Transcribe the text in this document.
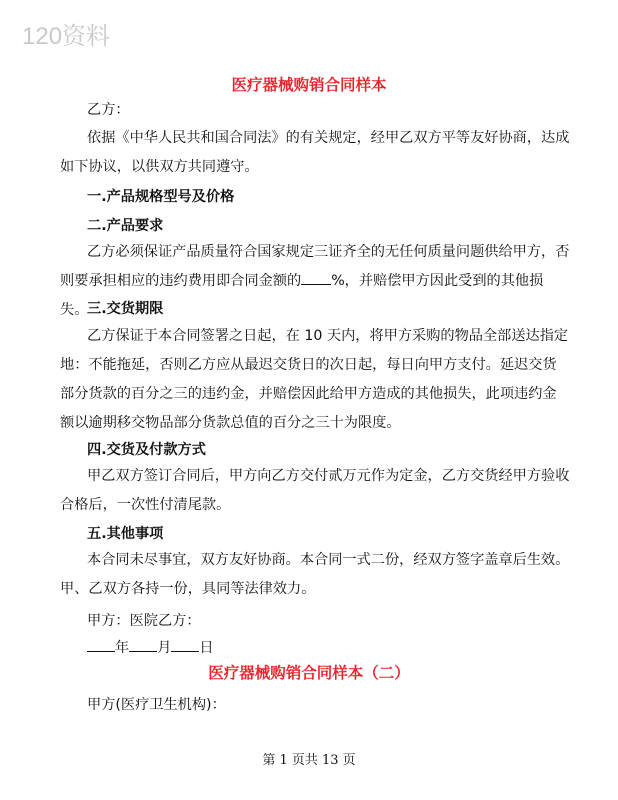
120资料
医疗器械购销合同样本
乙方：

依据《中华人民共和国合同法》的有关规定，经甲乙双方平等友好协商，达成如下协议，以供双方共同遵守。

一.产品规格型号及价格
二.产品要求

乙方必须保证产品质量符合国家规定三证齐全的无任何质量问题供给甲方，否则要承担相应的违约费用即合同金额的 %，并赔偿甲方因此受到的其他损失。

三.交货期限

乙方保证于本合同签署之日起，在 10 天内，将甲方采购的物品全部送达指定地：不能拖延，否则乙方应从最迟交货日的次日起，每日向甲方支付。延迟交货部分货款的百分之三的违约金，并赔偿因此给甲方造成的其他损失，此项违约金额以逾期移交物品部分货款总值的百分之三十为限度。

四.交货及付款方式

甲乙双方签订合同后，甲方向乙方交付贰万元作为定金，乙方交货经甲方验收合格后，一次性付清尾款。

五.其他事项

本合同未尽事宜，双方友好协商。本合同一式二份，经双方签字盖章后生效。甲、乙双方各持一份，具同等法律效力。

甲方：医院乙方：
年 月 日
医疗器械购销合同样本（二）
甲方(医疗卫生机构)：
第 1 页共 13 页
